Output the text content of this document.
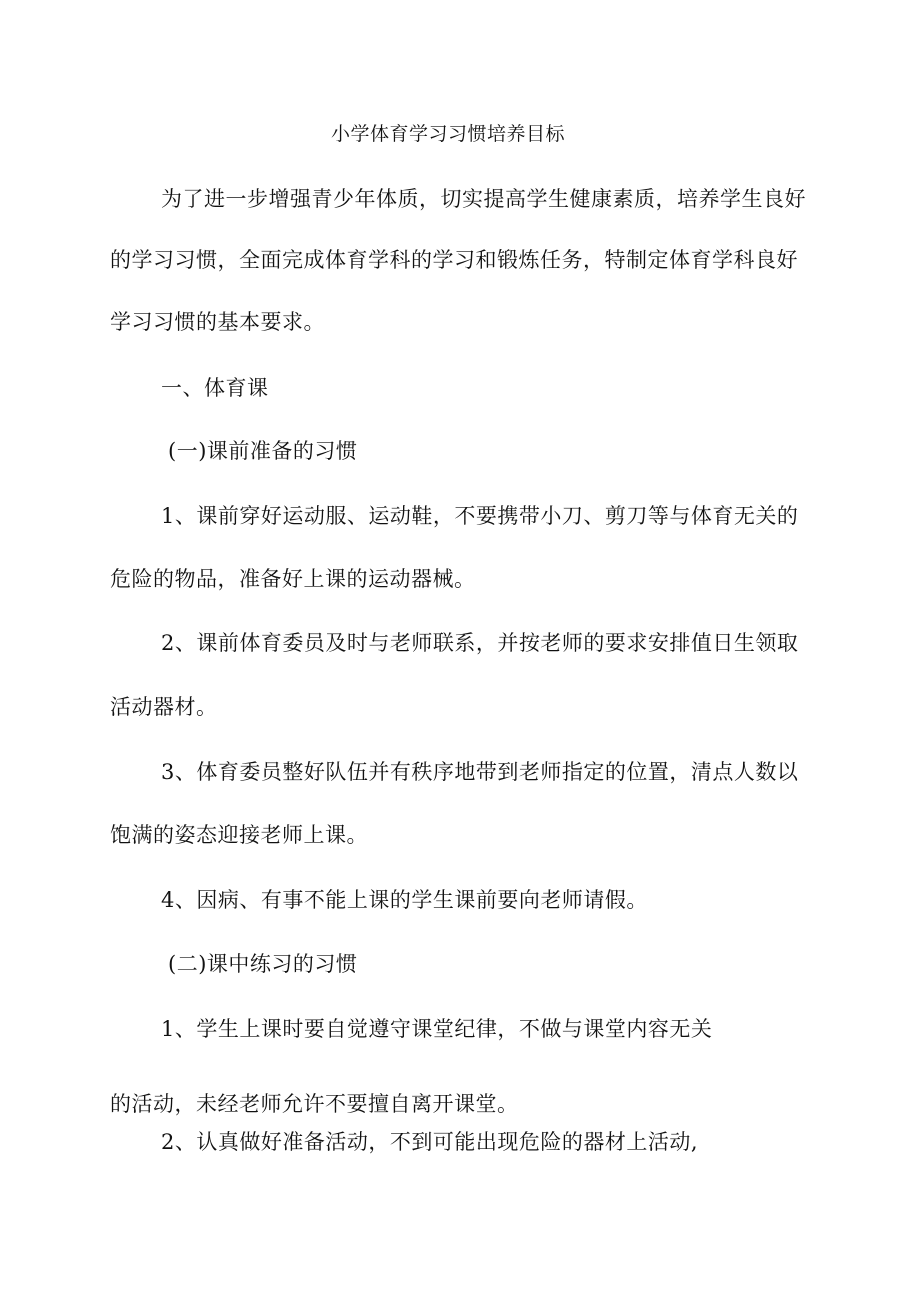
小学体育学习习惯培养目标
为了进一步增强青少年体质，切实提高学生健康素质，培养学生良好
的学习习惯，全面完成体育学科的学习和锻炼任务，特制定体育学科良好
学习习惯的基本要求。
一、体育课
(一)课前准备的习惯
1、课前穿好运动服、运动鞋，不要携带小刀、剪刀等与体育无关的
危险的物品，准备好上课的运动器械。
2、课前体育委员及时与老师联系，并按老师的要求安排值日生领取
活动器材。
3、体育委员整好队伍并有秩序地带到老师指定的位置，清点人数以
饱满的姿态迎接老师上课。
4、因病、有事不能上课的学生课前要向老师请假。
(二)课中练习的习惯
1、学生上课时要自觉遵守课堂纪律，不做与课堂内容无关
的活动，未经老师允许不要擅自离开课堂。
2、认真做好准备活动，不到可能出现危险的器材上活动,
